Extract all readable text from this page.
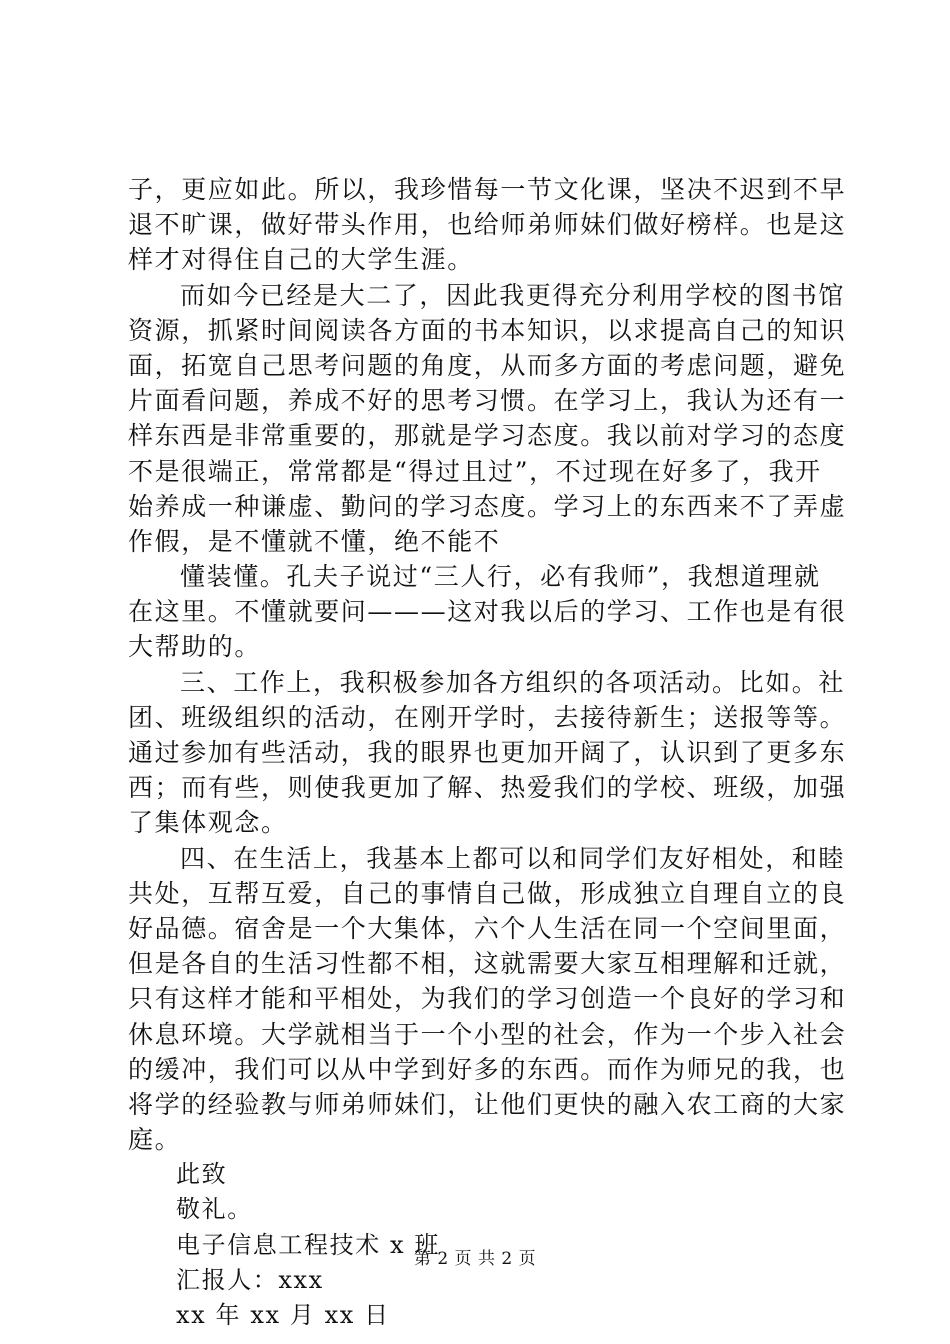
子，更应如此。所以，我珍惜每一节文化课，坚决不迟到不早
退不旷课，做好带头作用，也给师弟师妹们做好榜样。也是这
样才对得住自己的大学生涯。
而如今已经是大二了，因此我更得充分利用学校的图书馆
资源，抓紧时间阅读各方面的书本知识，以求提高自己的知识
面，拓宽自己思考问题的角度，从而多方面的考虑问题，避免
片面看问题，养成不好的思考习惯。在学习上，我认为还有一
样东西是非常重要的，那就是学习态度。我以前对学习的态度
不是很端正，常常都是“得过且过”，不过现在好多了，我开
始养成一种谦虚、勤问的学习态度。学习上的东西来不了弄虚
作假，是不懂就不懂，绝不能不
懂装懂。孔夫子说过“三人行，必有我师”，我想道理就
在这里。不懂就要问———这对我以后的学习、工作也是有很
大帮助的。
三、工作上，我积极参加各方组织的各项活动。比如。社
团、班级组织的活动，在刚开学时，去接待新生；送报等等。
通过参加有些活动，我的眼界也更加开阔了，认识到了更多东
西；而有些，则使我更加了解、热爱我们的学校、班级，加强
了集体观念。
四、在生活上，我基本上都可以和同学们友好相处，和睦
共处，互帮互爱，自己的事情自己做，形成独立自理自立的良
好品德。宿舍是一个大集体，六个人生活在同一个空间里面，
但是各自的生活习性都不相，这就需要大家互相理解和迁就，
只有这样才能和平相处，为我们的学习创造一个良好的学习和
休息环境。大学就相当于一个小型的社会，作为一个步入社会
的缓冲，我们可以从中学到好多的东西。而作为师兄的我，也
将学的经验教与师弟师妹们，让他们更快的融入农工商的大家
庭。
此致
敬礼。
电子信息工程技术 x 班
汇报人：xxx
xx 年 xx 月 xx 日
第 2 页 共 2 页
